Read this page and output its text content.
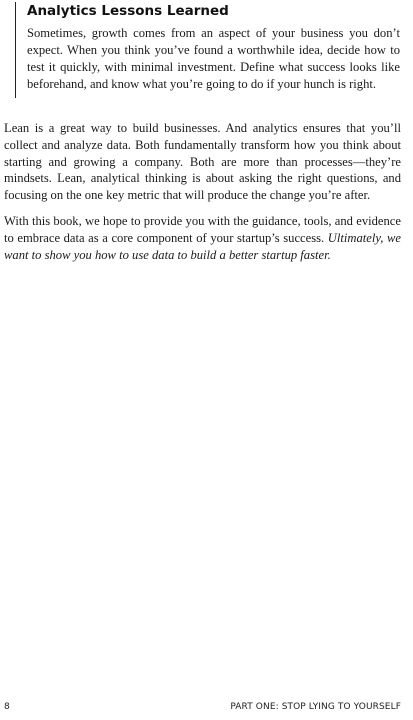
Analytics Lessons Learned

Sometimes, growth comes from an aspect of your business you don’t expect. When you think you’ve found a worthwhile idea, decide how to test it quickly, with minimal investment. Define what success looks like beforehand, and know what you’re going to do if your hunch is right.

Lean is a great way to build businesses. And analytics ensures that you’ll collect and analyze data. Both fundamentally transform how you think about starting and growing a company. Both are more than processes—they’re mindsets. Lean, analytical thinking is about asking the right questions, and focusing on the one key metric that will produce the change you’re after.

With this book, we hope to provide you with the guidance, tools, and evidence to embrace data as a core component of your startup’s success. Ultimately, we want to show you how to use data to build a better startup faster.

8	PART ONE: STOP LYING TO YOURSELF
